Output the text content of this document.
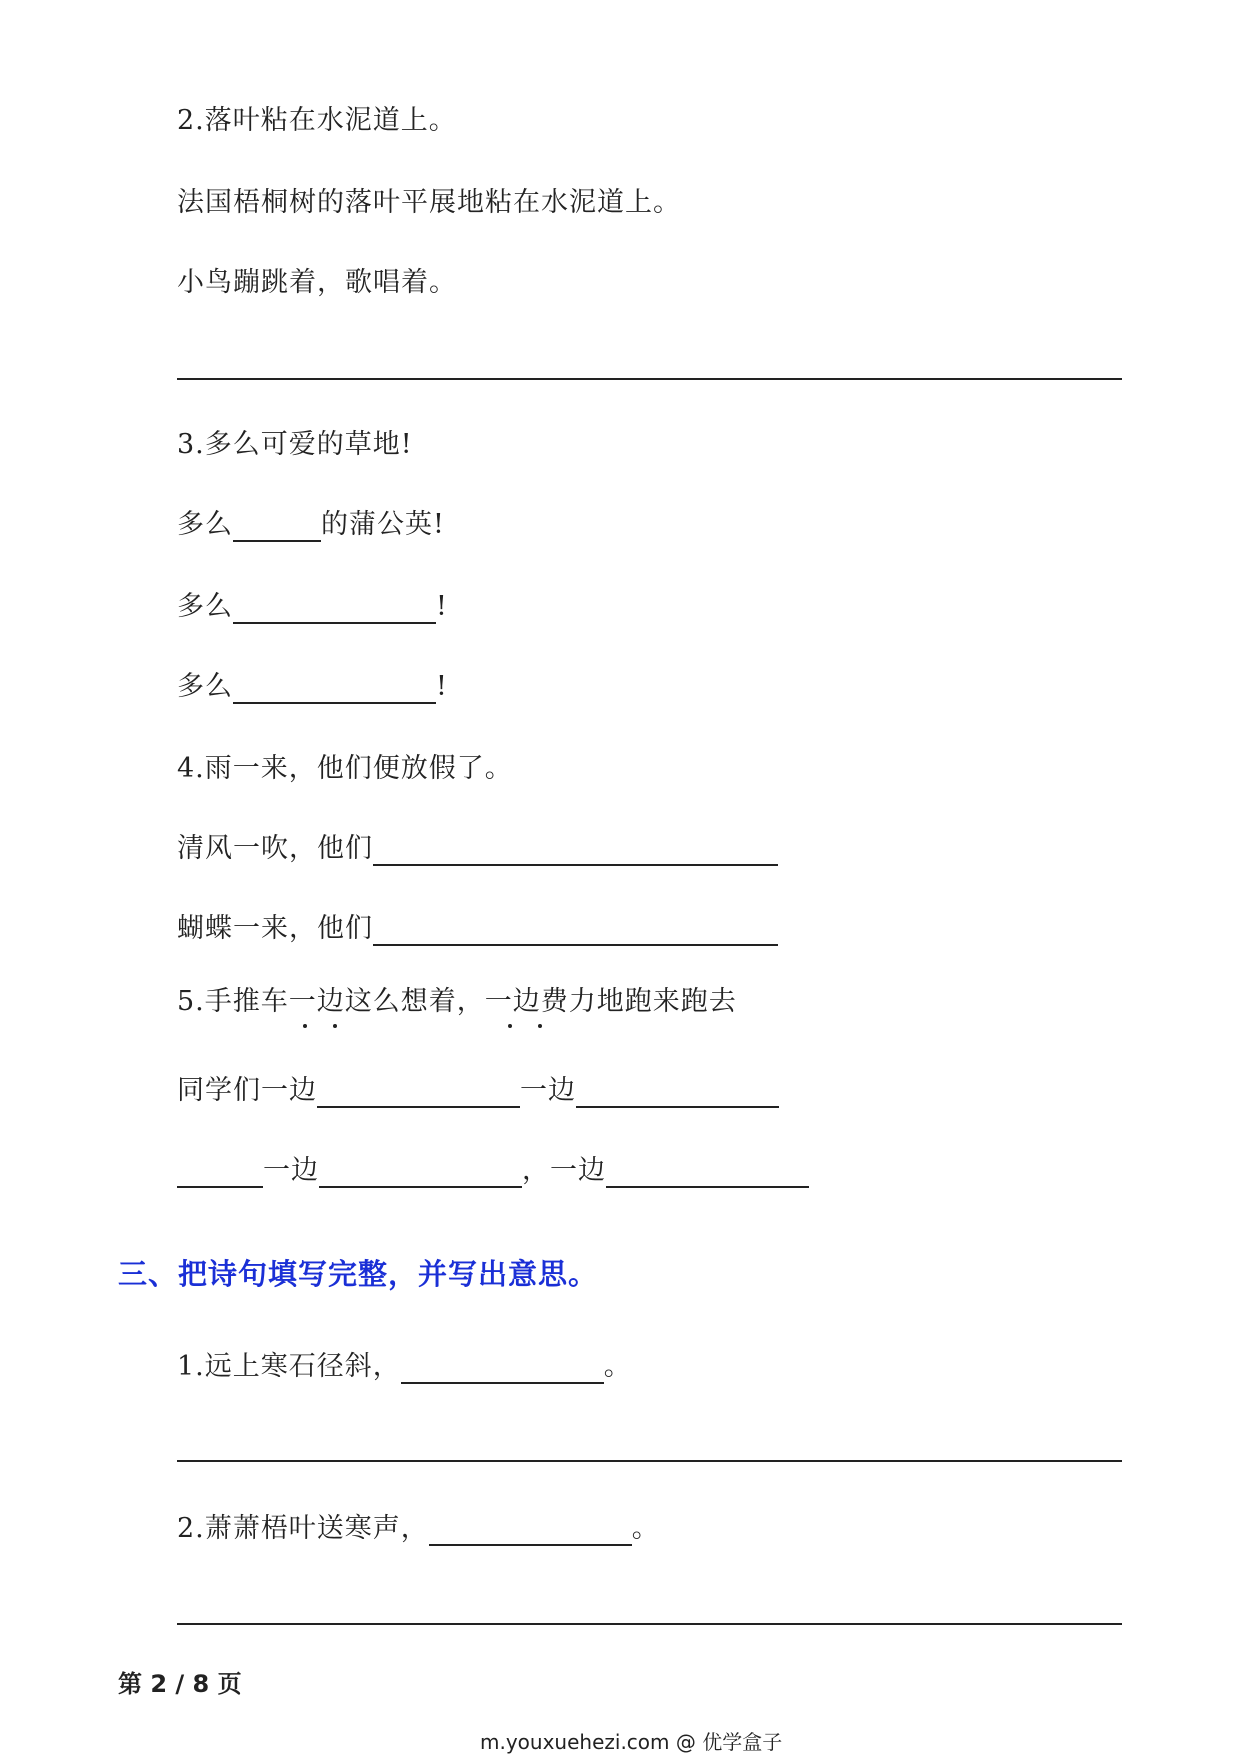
2.落叶粘在水泥道上。
法国梧桐树的落叶平展地粘在水泥道上。
小鸟蹦跳着，歌唱着。
3.多么可爱的草地!
多么	的蒲公英!
多么	!
多么	!
4.雨一来，他们便放假了。
清风一吹，他们
蝴蝶一来，他们
5.手推车一边这么想着，一边费力地跑来跑去
同学们一边	一边
一边	，一边
三、把诗句填写完整，并写出意思。
1.远上寒石径斜，	。
2.萧萧梧叶送寒声，	。
第 2 / 8 页
m.youxuehezi.com @ 优学盒子
